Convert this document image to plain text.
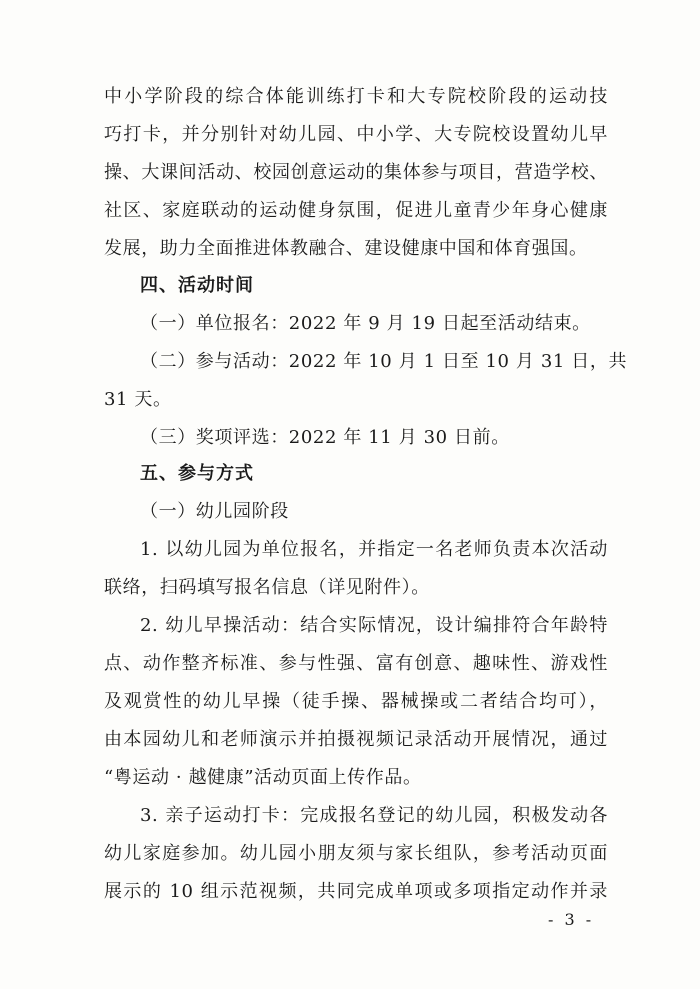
中小学阶段的综合体能训练打卡和大专院校阶段的运动技
巧打卡，并分别针对幼儿园、中小学、大专院校设置幼儿早
操、大课间活动、校园创意运动的集体参与项目，营造学校、
社区、家庭联动的运动健身氛围，促进儿童青少年身心健康
发展，助力全面推进体教融合、建设健康中国和体育强国。
四、活动时间
（一）单位报名：2022 年 9 月 19 日起至活动结束。
（二）参与活动：2022 年 10 月 1 日至 10 月 31 日，共
31 天。
（三）奖项评选：2022 年 11 月 30 日前。
五、参与方式
（一）幼儿园阶段
1. 以幼儿园为单位报名，并指定一名老师负责本次活动
联络，扫码填写报名信息（详见附件）。
2. 幼儿早操活动：结合实际情况，设计编排符合年龄特
点、动作整齐标准、参与性强、富有创意、趣味性、游戏性
及观赏性的幼儿早操（徒手操、器械操或二者结合均可），
由本园幼儿和老师演示并拍摄视频记录活动开展情况，通过
“粤运动 · 越健康”活动页面上传作品。
3. 亲子运动打卡：完成报名登记的幼儿园，积极发动各
幼儿家庭参加。幼儿园小朋友须与家长组队，参考活动页面
展示的 10 组示范视频，共同完成单项或多项指定动作并录
- 3 -
